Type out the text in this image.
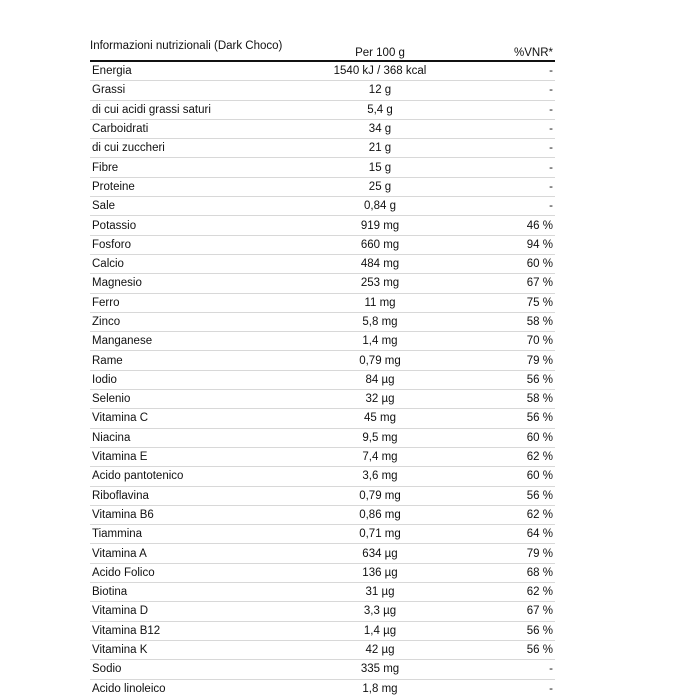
Informazioni nutrizionali (Dark Choco)	Per 100 g	%VNR*
Energia	1540 kJ / 368 kcal	-
Grassi	12 g	-
di cui acidi grassi saturi	5,4 g	-
Carboidrati	34 g	-
di cui zuccheri	21 g	-
Fibre	15 g	-
Proteine	25 g	-
Sale	0,84 g	-
Potassio	919 mg	46 %
Fosforo	660 mg	94 %
Calcio	484 mg	60 %
Magnesio	253 mg	67 %
Ferro	11 mg	75 %
Zinco	5,8 mg	58 %
Manganese	1,4 mg	70 %
Rame	0,79 mg	79 %
Iodio	84 µg	56 %
Selenio	32 µg	58 %
Vitamina C	45 mg	56 %
Niacina	9,5 mg	60 %
Vitamina E	7,4 mg	62 %
Acido pantotenico	3,6 mg	60 %
Riboflavina	0,79 mg	56 %
Vitamina B6	0,86 mg	62 %
Tiammina	0,71 mg	64 %
Vitamina A	634 µg	79 %
Acido Folico	136 µg	68 %
Biotina	31 µg	62 %
Vitamina D	3,3 µg	67 %
Vitamina B12	1,4 µg	56 %
Vitamina K	42 µg	56 %
Sodio	335 mg	-
Acido linoleico	1,8 mg	-
